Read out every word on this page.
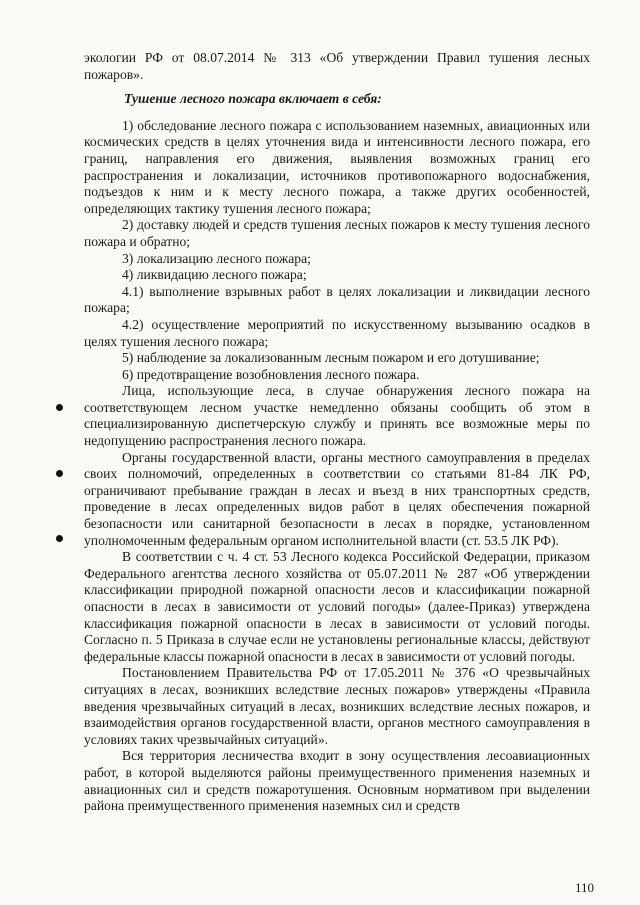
экологии РФ от 08.07.2014 № 313 «Об утверждении Правил тушения лесных пожаров».

Тушение лесного пожара включает в себя:

1) обследование лесного пожара с использованием наземных, авиационных или космических средств в целях уточнения вида и интенсивности лесного пожара, его границ, направления его движения, выявления возможных границ его распространения и локализации, источников противопожарного водоснабжения, подъездов к ним и к месту лесного пожара, а также других особенностей, определяющих тактику тушения лесного пожара;

2) доставку людей и средств тушения лесных пожаров к месту тушения лесного пожара и обратно;

3) локализацию лесного пожара;

4) ликвидацию лесного пожара;

4.1) выполнение взрывных работ в целях локализации и ликвидации лесного пожара;

4.2) осуществление мероприятий по искусственному вызыванию осадков в целях тушения лесного пожара;

5) наблюдение за локализованным лесным пожаром и его дотушивание;

6) предотвращение возобновления лесного пожара.

Лица, использующие леса, в случае обнаружения лесного пожара на соответствующем лесном участке немедленно обязаны сообщить об этом в специализированную диспетчерскую службу и принять все возможные меры по недопущению распространения лесного пожара.

Органы государственной власти, органы местного самоуправления в пределах своих полномочий, определенных в соответствии со статьями 81-84 ЛК РФ, ограничивают пребывание граждан в лесах и въезд в них транспортных средств, проведение в лесах определенных видов работ в целях обеспечения пожарной безопасности или санитарной безопасности в лесах в порядке, установленном уполномоченным федеральным органом исполнительной власти (ст. 53.5 ЛК РФ).

В соответствии с ч. 4 ст. 53 Лесного кодекса Российской Федерации, приказом Федерального агентства лесного хозяйства от 05.07.2011 № 287 «Об утверждении классификации природной пожарной опасности лесов и классификации пожарной опасности в лесах в зависимости от условий погоды» (далее-Приказ) утверждена классификация пожарной опасности в лесах в зависимости от условий погоды. Согласно п. 5 Приказа в случае если не установлены региональные классы, действуют федеральные классы пожарной опасности в лесах в зависимости от условий погоды.

Постановлением Правительства РФ от 17.05.2011 № 376 «О чрезвычайных ситуациях в лесах, возникших вследствие лесных пожаров» утверждены «Правила введения чрезвычайных ситуаций в лесах, возникших вследствие лесных пожаров, и взаимодействия органов государственной власти, органов местного самоуправления в условиях таких чрезвычайных ситуаций».

Вся территория лесничества входит в зону осуществления лесоавиационных работ, в которой выделяются районы преимущественного применения наземных и авиационных сил и средств пожаротушения. Основным нормативом при выделении района преимущественного применения наземных сил и средств

110
